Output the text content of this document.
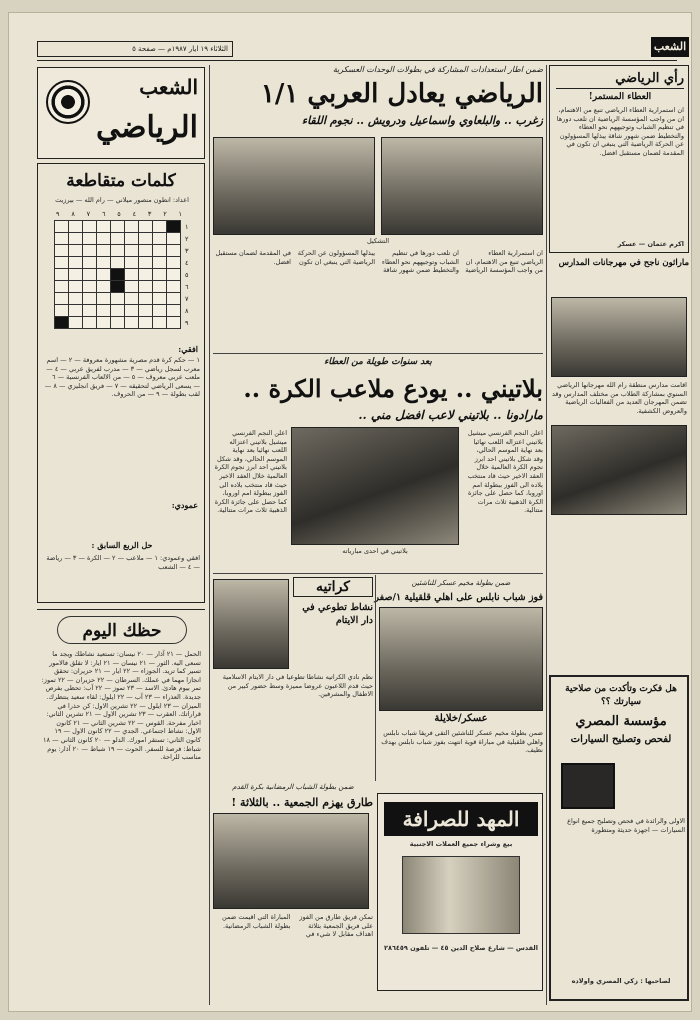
الشعب
الثلاثاء ١٩ ايار ١٩٨٧م — صفحة ٥
الشعب
الرياضي
كلمات متقاطعة
اعداد: انطون منصور ميلاني — رام الله — بيرزيت
٩ ٨ ٧ ٦ ٥ ٤ ٣ ٢ ١
١
٢
٣
٤
٥
٦
٧
٨
٩

افقي:
١ — حكم كرة قدم مصرية مشهورة معروفة — ٢ — اسم معرب لسجل رياضي — ٣ — مدرب لفريق عربي — ٤ — ملعب عربي معروف — ٥ — من الالعاب الفرنسية — ٦ — يسعى الرياضي لتحقيقه — ٧ — فريق انجليزي — ٨ — لقب بطولة — ٩ — من الحروف.
عمودي:
حل الربع السابق :
افقي وعمودي: ١ — ملاعب — ٢ — الكرة — ٣ — رياضة — ٤ — الشعب
حظك اليوم
الحمل — ٢١ آذار — ٢٠ نيسان: تستعيد نشاطك ويجد ما تسعى اليه. الثور — ٢١ نيسان — ٢١ ايار: لا تقلق فالامور تسير كما تريد. الجوزاء — ٢٢ ايار — ٢١ حزيران: تحقق انجازا مهما في عملك. السرطان — ٢٢ حزيران — ٢٢ تموز: تمر بيوم هادئ. الاسد — ٢٣ تموز — ٢٢ آب: تحظى بفرص جديدة. العذراء — ٢٣ آب — ٢٢ ايلول: لقاء سعيد ينتظرك. الميزان — ٢٣ ايلول — ٢٢ تشرين الاول: كن حذرا في قراراتك. العقرب — ٢٣ تشرين الاول — ٢١ تشرين الثاني: اخبار مفرحة. القوس — ٢٢ تشرين الثاني — ٢١ كانون الاول: نشاط اجتماعي. الجدي — ٢٢ كانون الاول — ١٩ كانون الثاني: تستقر امورك. الدلو — ٢٠ كانون الثاني — ١٨ شباط: فرصة للسفر. الحوت — ١٩ شباط — ٢٠ آذار: يوم مناسب للراحة.
ضمن اطار استعدادات المشاركة في بطولات الوحدات العسكرية
الرياضي يعادل العربي ١/١
زغرب .. والبلعاوي واسماعيل ودرويش .. نجوم اللقاء
التشكيل
ان استمرارية العطاء الرياضي تنبع من الاهتمام، ان من واجب المؤسسة الرياضية ان تلعب دورها في تنظيم الشباب وتوجيههم نحو العطاء والتخطيط ضمن شهور شاقة يبذلها المسؤولون عن الحركة الرياضية التي ينبغي ان تكون في المقدمة لضمان مستقبل افضل.
رأي الرياضي
العطاء المستمر!
ان استمرارية العطاء الرياضي تنبع من الاهتمام، ان من واجب المؤسسة الرياضية ان تلعب دورها في تنظيم الشباب وتوجيههم نحو العطاء والتخطيط ضمن شهور شاقة يبذلها المسؤولون عن الحركة الرياضية التي ينبغي ان تكون في المقدمة لضمان مستقبل افضل.
اكرم عثمان — عسكر
ماراثون ناجح في مهرجانات المدارس
اقامت مدارس منطقة رام الله مهرجانها الرياضي السنوي بمشاركة الطلاب من مختلف المدارس وقد تضمن المهرجان العديد من الفعاليات الرياضية والعروض الكشفية.
بعد سنوات طويلة من العطاء
بلاتيني .. يودع ملاعب الكرة ..
مارادونا .. بلاتيني لاعب افضل مني ..
بلاتيني في احدى مبارياته
اعلن النجم الفرنسي ميشيل بلاتيني اعتزاله اللعب نهائيا بعد نهاية الموسم الحالي، وقد شكل بلاتيني احد ابرز نجوم الكرة العالمية خلال العقد الاخير حيث قاد منتخب بلاده الى الفوز ببطولة امم اوروبا، كما حصل على جائزة الكرة الذهبية ثلاث مرات متتالية.
اعلن النجم الفرنسي ميشيل بلاتيني اعتزاله اللعب نهائيا بعد نهاية الموسم الحالي، وقد شكل بلاتيني احد ابرز نجوم الكرة العالمية خلال العقد الاخير حيث قاد منتخب بلاده الى الفوز ببطولة امم اوروبا، كما حصل على جائزة الكرة الذهبية ثلاث مرات متتالية.
كراتيه
نشاط تطوعي في دار الايتام
نظم نادي الكراتيه نشاطا تطوعيا في دار الايتام الاسلامية حيث قدم اللاعبون عروضا مميزة وسط حضور كبير من الاطفال والمشرفين.
ضمن بطولة مخيم عسكر للناشئين
فوز شباب نابلس على اهلي قلقيلية ١/صفر
عسكر/خلايلة
ضمن بطولة مخيم عسكر للناشئين التقى فريقا شباب نابلس واهلي قلقيلية في مباراة قوية انتهت بفوز شباب نابلس بهدف نظيف.
ضمن بطولة الشباب الرمضانية بكرة القدم
طارق يهزم الجمعية .. بالثلاثة !
تمكن فريق طارق من الفوز على فريق الجمعية بثلاثة اهداف مقابل لا شيء في المباراة التي اقيمت ضمن بطولة الشباب الرمضانية.
المهد للصرافة
بيع وشراء جميع العملات الاجنبية
القدس — شارع صلاح الدين ٤٥ — تلفون ٢٨٦٤٥٩
هل فكرت وتأكدت من صلاحية سيارتك ؟؟
مؤسسة المصري
لفحص وتصليح السيارات
الاولى والرائدة في فحص وتصليح جميع انواع السيارات — اجهزة حديثة ومتطورة
لصاحبها : زكي المصري واولاده
